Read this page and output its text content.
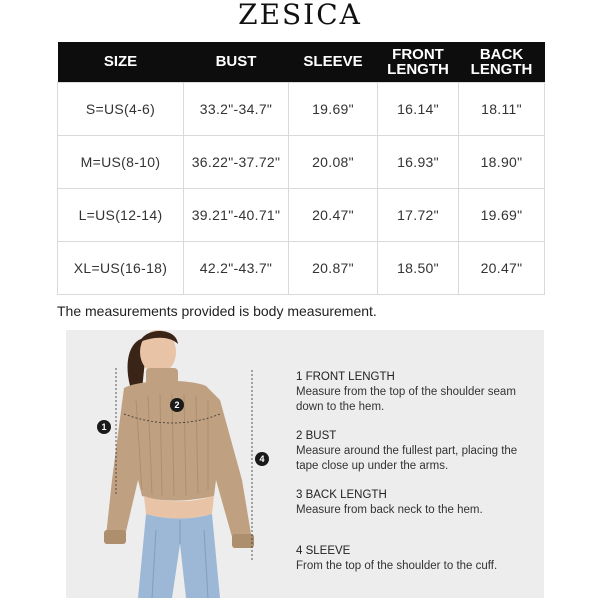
ZESICA
SIZE	BUST	SLEEVE	FRONT LENGTH	BACK LENGTH
S=US(4-6)	33.2"-34.7"	19.69"	16.14"	18.11"
M=US(8-10)	36.22"-37.72"	20.08"	16.93"	18.90"
L=US(12-14)	39.21"-40.71"	20.47"	17.72"	19.69"
XL=US(16-18)	42.2"-43.7"	20.87"	18.50"	20.47"
The measurements provided is body measurement.
1
2
4
1 FRONT LENGTH
Measure from the top of the shoulder seam down to the hem.
2 BUST
Measure around the fullest part, placing the tape close up under the arms.
3 BACK LENGTH
Measure from back neck to the hem.
4 SLEEVE
From the top of the shoulder to the cuff.
